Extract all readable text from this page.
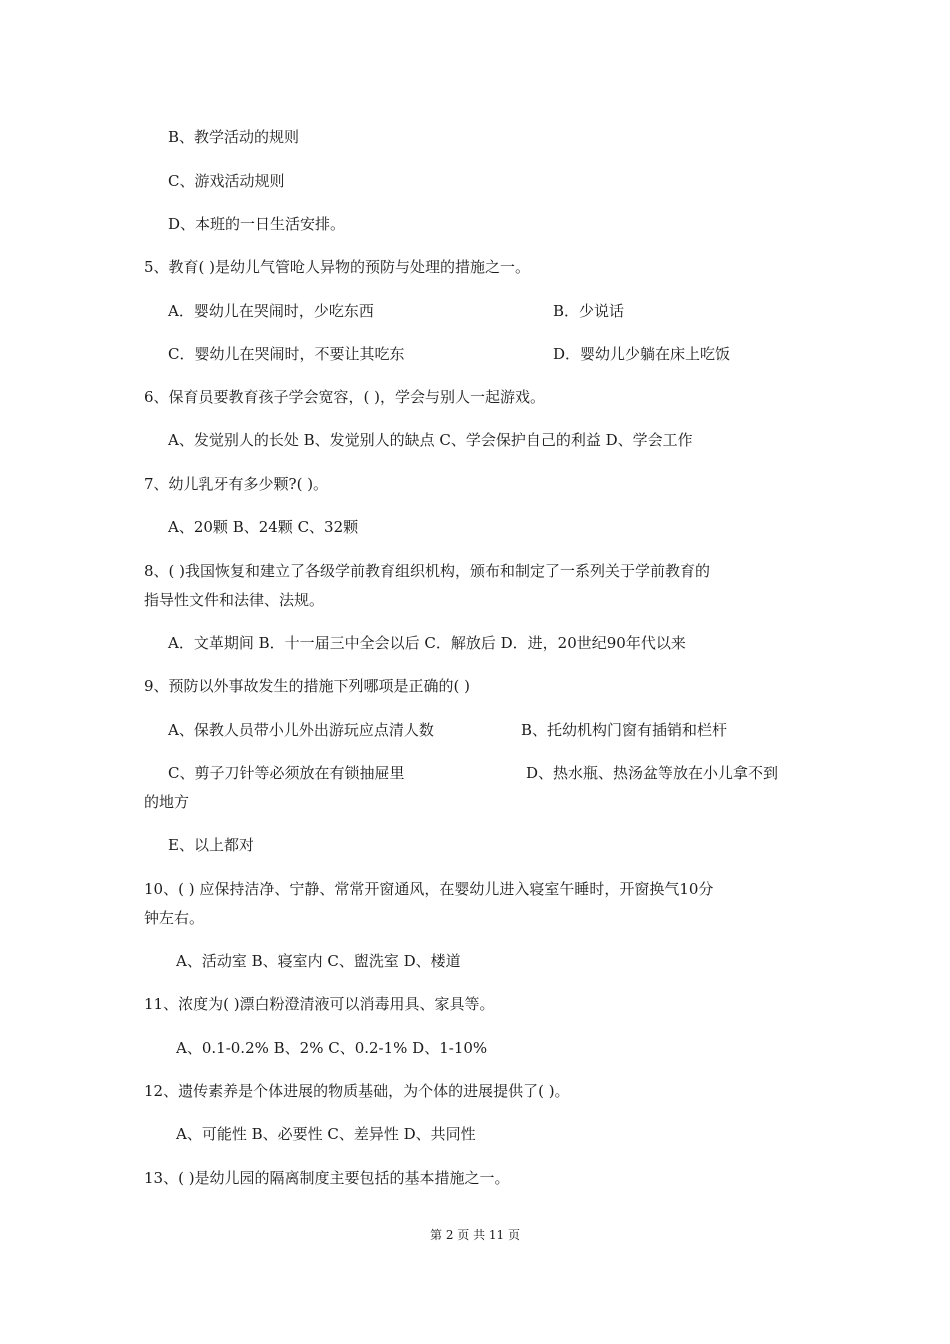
B、教学活动的规则
C、游戏活动规则
D、本班的一日生活安排。
5、教育( )是幼儿气管呛人异物的预防与处理的措施之一。
A．婴幼儿在哭闹时，少吃东西	B．少说话
C．婴幼儿在哭闹时，不要让其吃东	D．婴幼儿少躺在床上吃饭
6、保育员要教育孩子学会宽容，( )，学会与别人一起游戏。
A、发觉别人的长处 B、发觉别人的缺点 C、学会保护自己的利益 D、学会工作
7、幼儿乳牙有多少颗?( )。
A、20颗 B、24颗 C、32颗
8、( )我国恢复和建立了各级学前教育组织机构，颁布和制定了一系列关于学前教育的
指导性文件和法律、法规。
A．文革期间 B．十一届三中全会以后 C．解放后 D．进，20世纪90年代以来
9、预防以外事故发生的措施下列哪项是正确的( )
A、保教人员带小儿外出游玩应点清人数	B、托幼机构门窗有插销和栏杆
C、剪子刀针等必须放在有锁抽屉里	D、热水瓶、热汤盆等放在小儿拿不到
的地方
E、以上都对
10、( ) 应保持洁净、宁静、常常开窗通风，在婴幼儿进入寝室午睡时，开窗换气10分
钟左右。
A、活动室 B、寝室内 C、盥洗室 D、楼道
11、浓度为( )漂白粉澄清液可以消毒用具、家具等。
A、0.1-0.2% B、2% C、0.2-1% D、1-10%
12、遗传素养是个体进展的物质基础，为个体的进展提供了( )。
A、可能性 B、必要性 C、差异性 D、共同性
13、( )是幼儿园的隔离制度主要包括的基本措施之一。
第 2 页 共 11 页
